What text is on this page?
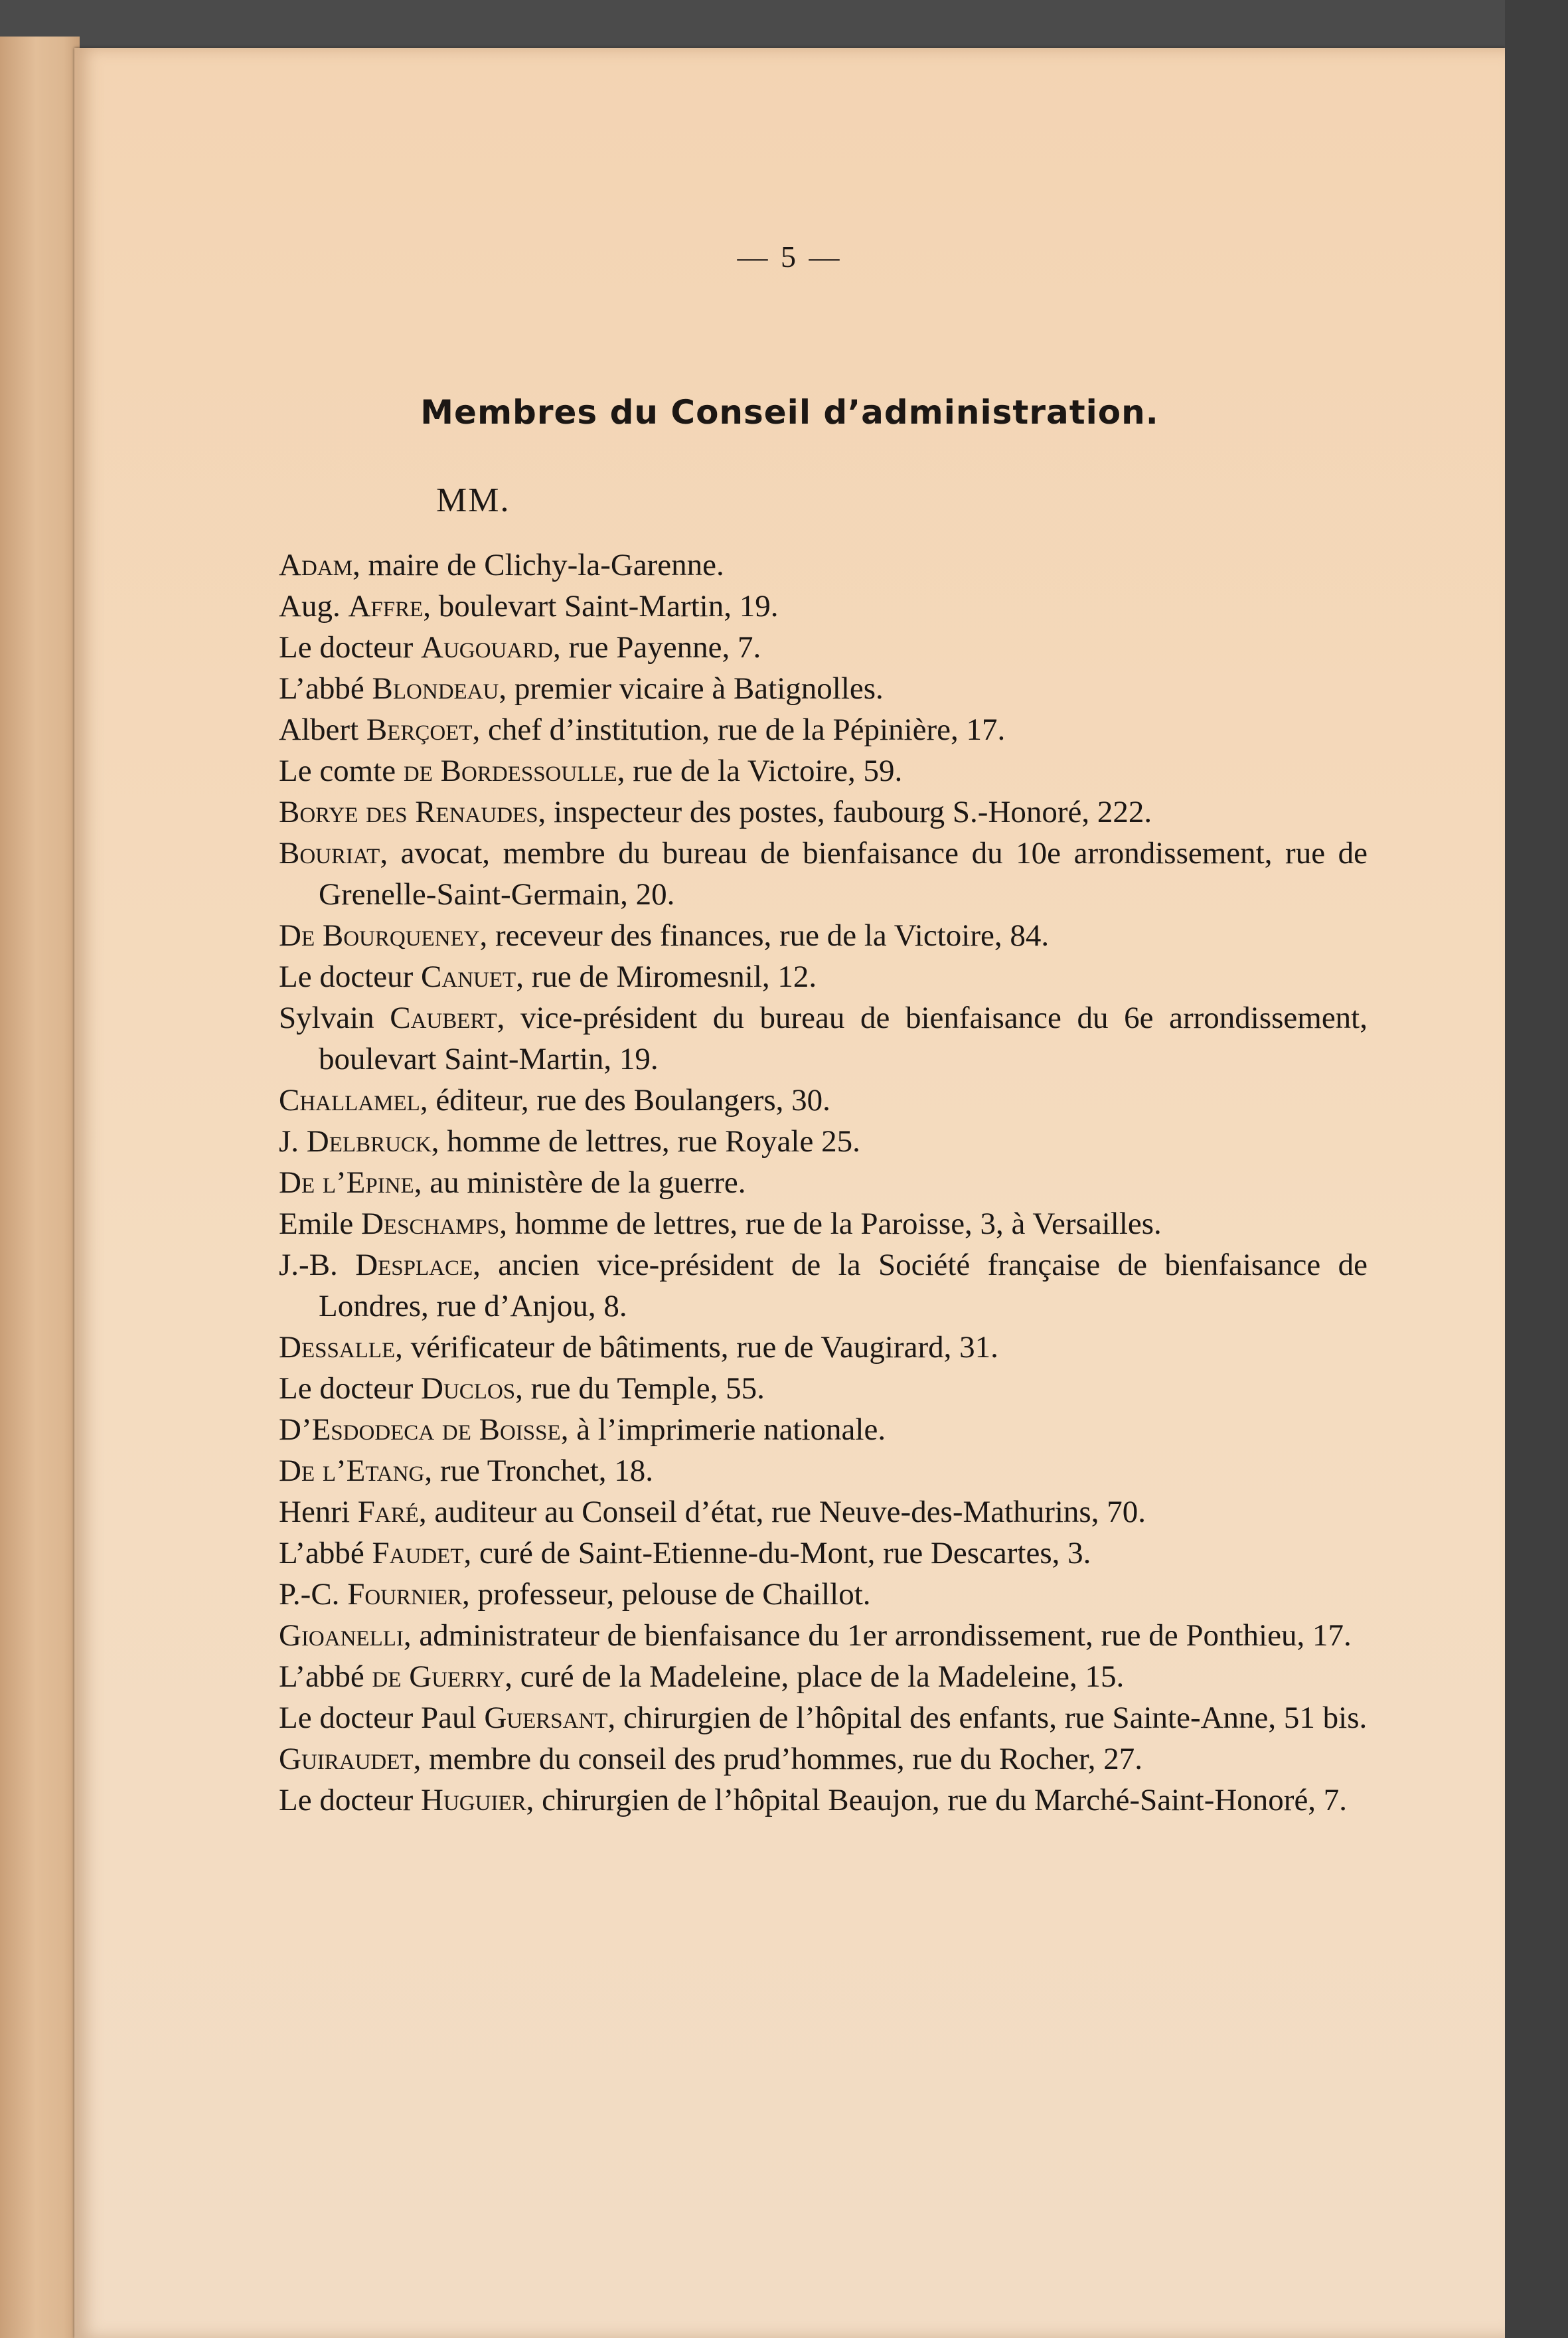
— 5 —
Membres du Conseil d’administration.
MM.

Adam, maire de Clichy-la-Garenne.

Aug. Affre, boulevart Saint-Martin, 19.

Le docteur Augouard, rue Payenne, 7.

L’abbé Blondeau, premier vicaire à Batignolles.

Albert Berçoet, chef d’institution, rue de la Pépinière, 17.

Le comte de Bordessoulle, rue de la Victoire, 59.

Borye des Renaudes, inspecteur des postes, faubourg S.-Honoré, 222.

Bouriat, avocat, membre du bureau de bienfaisance du 10e arrondissement, rue de Grenelle-Saint-Germain, 20.

De Bourqueney, receveur des finances, rue de la Victoire, 84.

Le docteur Canuet, rue de Miromesnil, 12.

Sylvain Caubert, vice-président du bureau de bienfaisance du 6e arrondissement, boulevart Saint-Martin, 19.

Challamel, éditeur, rue des Boulangers, 30.

J. Delbruck, homme de lettres, rue Royale 25.

De l’Epine, au ministère de la guerre.

Emile Deschamps, homme de lettres, rue de la Paroisse, 3, à Versailles.

J.-B. Desplace, ancien vice-président de la Société française de bienfaisance de Londres, rue d’Anjou, 8.

Dessalle, vérificateur de bâtiments, rue de Vaugirard, 31.

Le docteur Duclos, rue du Temple, 55.

D’Esdodeca de Boisse, à l’imprimerie nationale.

De l’Etang, rue Tronchet, 18.

Henri Faré, auditeur au Conseil d’état, rue Neuve-des-Mathurins, 70.

L’abbé Faudet, curé de Saint-Etienne-du-Mont, rue Descartes, 3.

P.-C. Fournier, professeur, pelouse de Chaillot.

Gioanelli, administrateur de bienfaisance du 1er arrondissement, rue de Ponthieu, 17.

L’abbé de Guerry, curé de la Madeleine, place de la Madeleine, 15.

Le docteur Paul Guersant, chirurgien de l’hôpital des enfants, rue Sainte-Anne, 51 bis.

Guiraudet, membre du conseil des prud’hommes, rue du Rocher, 27.

Le docteur Huguier, chirurgien de l’hôpital Beaujon, rue du Marché-Saint-Honoré, 7.
